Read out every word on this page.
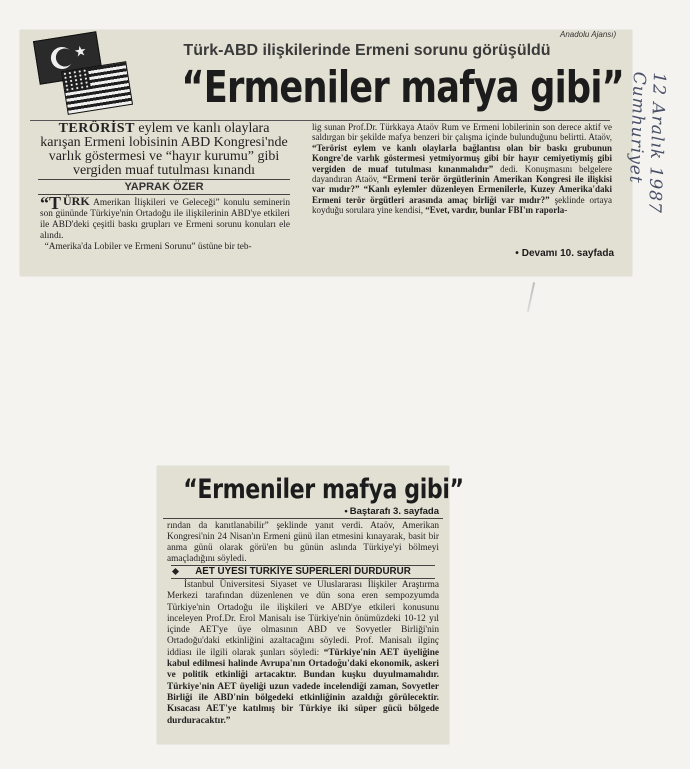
Anadolu Ajansı)
★	Türk-ABD ilişkilerinde Ermeni sorunu görüşüldü
“Ermeniler mafya gibi”
TERÖRİST eylem ve kanlı olaylara karışan Ermeni lobisinin ABD Kongresi'nde varlık göstermesi ve “hayır kurumu” gibi vergiden muaf tutulması kınandı
YAPRAK ÖZER
“TÜRK Amerikan İlişkileri ve Geleceği” konulu seminerin son gününde Türkiye'nin Ortadoğu ile ilişkilerinin ABD'ye etkileri ile ABD'deki çeşitli baskı grupları ve Ermeni sorunu konuları ele alındı.
“Amerika'da Lobiler ve Ermeni Sorunu” üstüne bir teb-
lig sunan Prof.Dr. Türkkaya Ataöv Rum ve Ermeni lobilerinin son derece aktif ve saldırgan bir şekilde mafya benzeri bir çalışma içinde bulunduğunu belirtti. Ataöv, “Terörist eylem ve kanlı olaylarla bağlantısı olan bir baskı grubunun Kongre'de varlık göstermesi yetmiyormuş gibi bir hayır cemiyetiymiş gibi vergiden de muaf tutulması kınanmalıdır” dedi. Konuşmasını belgelere dayandıran Ataöv, “Ermeni terör örgütlerinin Amerikan Kongresi ile ilişkisi var mıdır?” “Kanlı eylemler düzenleyen Ermenilerle, Kuzey Amerika'daki Ermeni terör örgütleri arasında amaç birliği var mıdır?” şeklinde ortaya koyduğu sorulara yine kendisi, “Evet, vardır, bunlar FBI'ın raporla-
• Devamı 10. sayfada
12 Aralık 1987 Cumhuriyet
“Ermeniler mafya gibi”
• Baştarafı 3. sayfada
rından da kanıtlanabilir” şeklinde yanıt verdi. Ataöv, Amerikan Kongresi'nin 24 Nisan'ın Ermeni günü ilan etmesini kınayarak, basit bir anma günü olarak görü'en bu günün aslında Türkiye'yi bölmeyi amaçladığını söyledi.
AET ÜYESİ TÜRKİYE SÜPERLERİ DURDURUR
İstanbul Üniversitesi Siyaset ve Uluslararası İlişkiler Araştırma Merkezi tarafından düzenlenen ve dün sona eren sempozyumda Türkiye'nin Ortadoğu ile ilişkileri ve ABD'ye etkileri konusunu inceleyen Prof.Dr. Erol Manisalı ise Türkiye'nin önümüzdeki 10-12 yıl içinde AET'ye üye olmasının ABD ve Sovyetler Birliği'nin Ortadoğu'daki etkinliğini azaltacağını söyledi. Prof. Manisalı ilginç iddiası ile ilgili olarak şunları söyledi: “Türkiye'nin AET üyeliğine kabul edilmesi halinde Avrupa'nın Ortadoğu'daki ekonomik, askeri ve politik etkinliği artacaktır. Bundan kuşku duyulmamalıdır. Türkiye'nin AET üyeliği uzun vadede incelendiği zaman, Sovyetler Birliği ile ABD'nin bölgedeki etkinliğinin azaldığı görülecektir. Kısacası AET'ye katılmış bir Türkiye iki süper gücü bölgede durduracaktır.”
